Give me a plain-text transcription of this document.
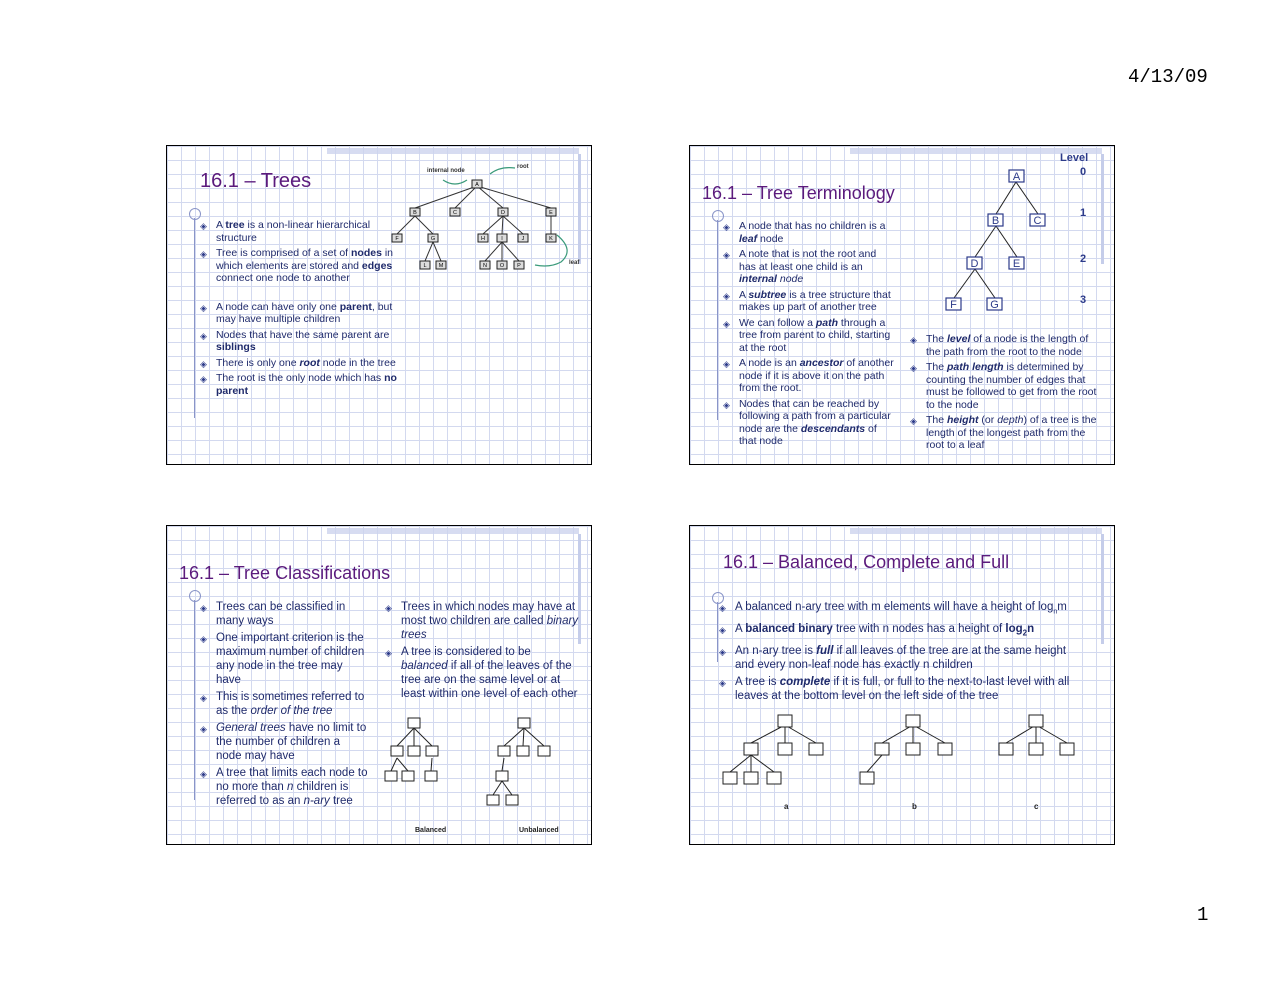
4/13/09
16.1 – Trees
◈ A tree is a non-linear hierarchical structure
◈ Tree is comprised of a set of nodes in which elements are stored and edges connect one node to another
◈ A node can have only one parent, but may have multiple children
◈ Nodes that have the same parent are siblings
◈ There is only one root node in the tree
◈ The root is the only node which has no parent
A
B	C	D	E
F	G	H	I	J	K
L M	N O P
internal node
root
leaf
16.1 – Tree Terminology
◈ A node that has no children is a leaf node
◈ A note that is not the root and has at least one child is an internal node
◈ A subtree is a tree structure that makes up part of another tree
◈ We can follow a path through a tree from parent to child, starting at the root
◈ A node is an ancestor of another node if it is above it on the path from the root.
◈ Nodes that can be reached by following a path from a particular node are the descendants of that node
◈ The level of a node is the length of the path from the root to the node
◈ The path length is determined by counting the number of edges that must be followed to get from the root to the node
◈ The height (or depth) of a tree is the length of the longest path from the root to a leaf
A
B	C
D	E
F	G
Level
0
1
2
3
16.1 – Tree Classifications
◈ Trees can be classified in many ways
◈ One important criterion is the maximum number of children any node in the tree may have
◈ This is sometimes referred to as the order of the tree
◈ General trees have no limit to the number of children a node may have
◈ A tree that limits each node to no more than n children is referred to as an n-ary tree
◈ Trees in which nodes may have at most two children are called binary trees
◈ A tree is considered to be balanced if all of the leaves of the tree are on the same level or at least within one level of each other
Balanced	Unbalanced
16.1 – Balanced, Complete and Full
◈ A balanced n-ary tree with m elements will have a height of $\log_nm$
◈ A balanced binary tree with n nodes has a height of $\log_2n$
◈ An n-ary tree is full if all leaves of the tree are at the same height and every non-leaf node has exactly n children
◈ A tree is complete if it is full, or full to the next-to-last level with all leaves at the bottom level on the left side of the tree
a	b	c
1
